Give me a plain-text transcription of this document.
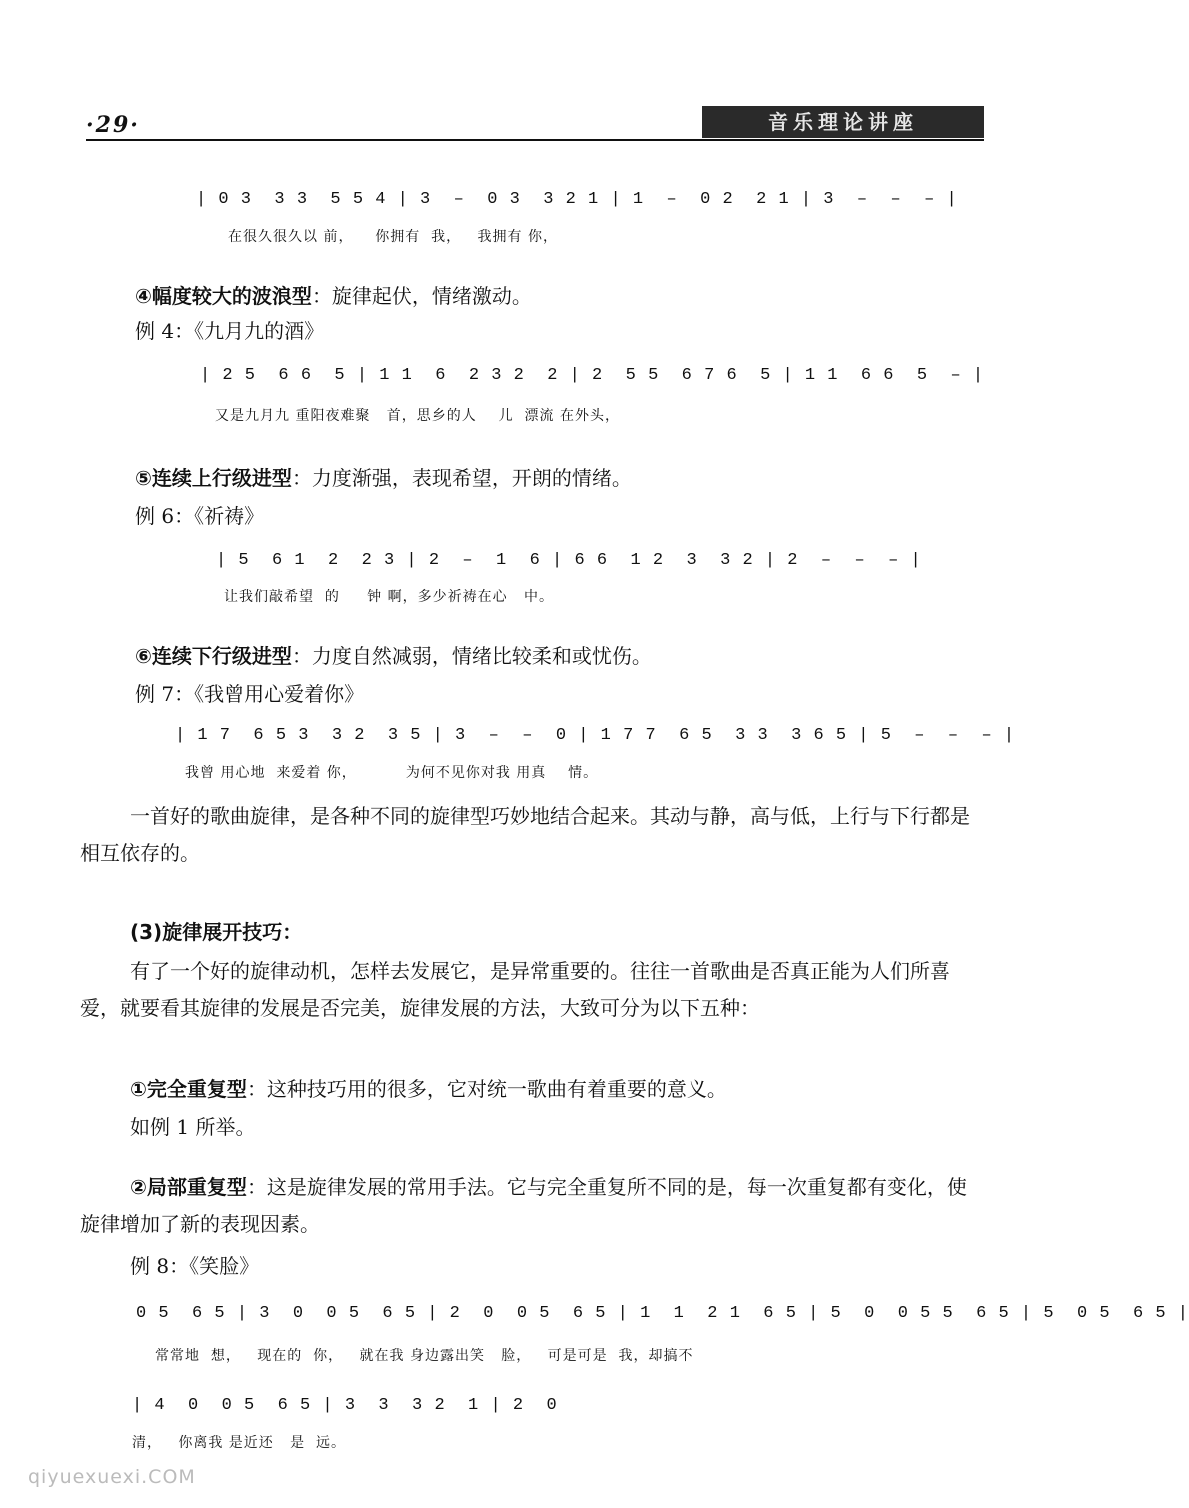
·29·	音乐理论讲座
| 0 3  3 3  5 5 4 | 3  –  0 3  3 2 1 | 1  –  0 2  2 1 | 3  –  –  – |
在很久很久以 前，    你拥有  我，   我拥有 你，
④幅度较大的波浪型：旋律起伏，情绪激动。
例 4：《九月九的酒》
| 2 5  6 6  5 | 1 1  6  2 3 2  2 | 2  5 5  6 7 6  5 | 1 1  6 6  5  – |
又是九月九 重阳夜难聚   首，思乡的人    儿  漂流 在外头，
⑤连续上行级进型：力度渐强，表现希望，开朗的情绪。
例 6：《祈祷》
| 5  6 1  2  2 3 | 2  –  1  6 | 6 6  1 2  3  3 2 | 2  –  –  – |
让我们敲希望  的     钟 啊，多少祈祷在心   中。
⑥连续下行级进型：力度自然减弱，情绪比较柔和或忧伤。
例 7：《我曾用心爱着你》
| 1 7  6 5 3  3 2  3 5 | 3  –  –  0 | 1 7 7  6 5  3 3  3 6 5 | 5  –  –  – |
我曾 用心地  来爱着 你，         为何不见你对我 用真    情。
一首好的歌曲旋律，是各种不同的旋律型巧妙地结合起来。其动与静，高与低，上行与下行都是相互依存的。
(3)旋律展开技巧：
有了一个好的旋律动机，怎样去发展它，是异常重要的。往往一首歌曲是否真正能为人们所喜爱，就要看其旋律的发展是否完美，旋律发展的方法，大致可分为以下五种：
①完全重复型：这种技巧用的很多，它对统一歌曲有着重要的意义。
如例 1 所举。
②局部重复型：这是旋律发展的常用手法。它与完全重复所不同的是，每一次重复都有变化，使旋律增加了新的表现因素。
例 8：《笑脸》
0 5  6 5 | 3  0  0 5  6 5 | 2  0  0 5  6 5 | 1  1  2 1  6 5 | 5  0  0 5 5  6 5 | 5  0 5  6 5 |
常常地  想，   现在的  你，   就在我 身边露出笑   脸，   可是可是  我，却搞不
| 4  0  0 5  6 5 | 3  3  3 2  1 | 2  0
清，   你离我 是近还   是  远。
qiyuexuexi.COM
